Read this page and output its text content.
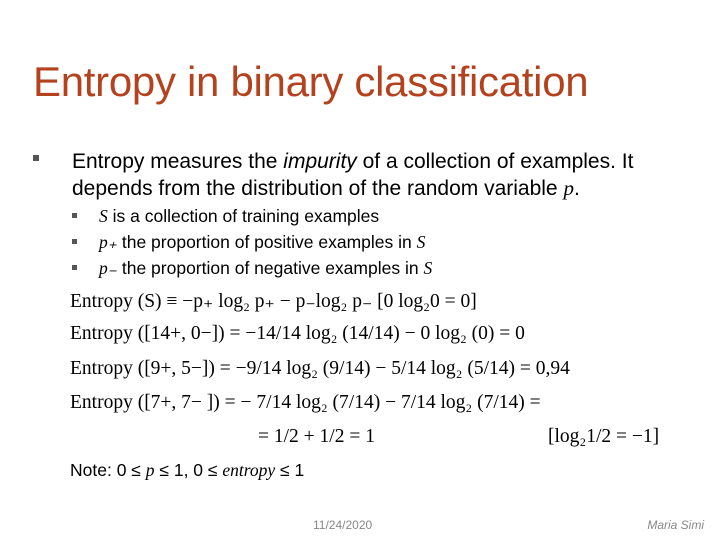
Entropy in binary classification
Entropy measures the impurity of a collection of examples. It depends from the distribution of the random variable p.
S is a collection of training examples
p₊ the proportion of positive examples in S
p₋ the proportion of negative examples in S
Entropy (S) ≡ −p₊ log₂ p₊ − p₋log₂ p₋ [0 log₂0 = 0]
Entropy ([14+, 0−]) = −14/14 log₂ (14/14) − 0 log₂ (0) = 0
Entropy ([9+, 5−]) = −9/14 log₂ (9/14) − 5/14 log₂ (5/14) = 0,94
Entropy ([7+, 7− ]) = − 7/14 log₂ (7/14) − 7/14 log₂ (7/14) =
= 1/2 + 1/2 = 1	[log₂1/2 = −1]
Note: 0 ≤ p ≤ 1, 0 ≤ entropy ≤ 1
11/24/2020	Maria Simi
